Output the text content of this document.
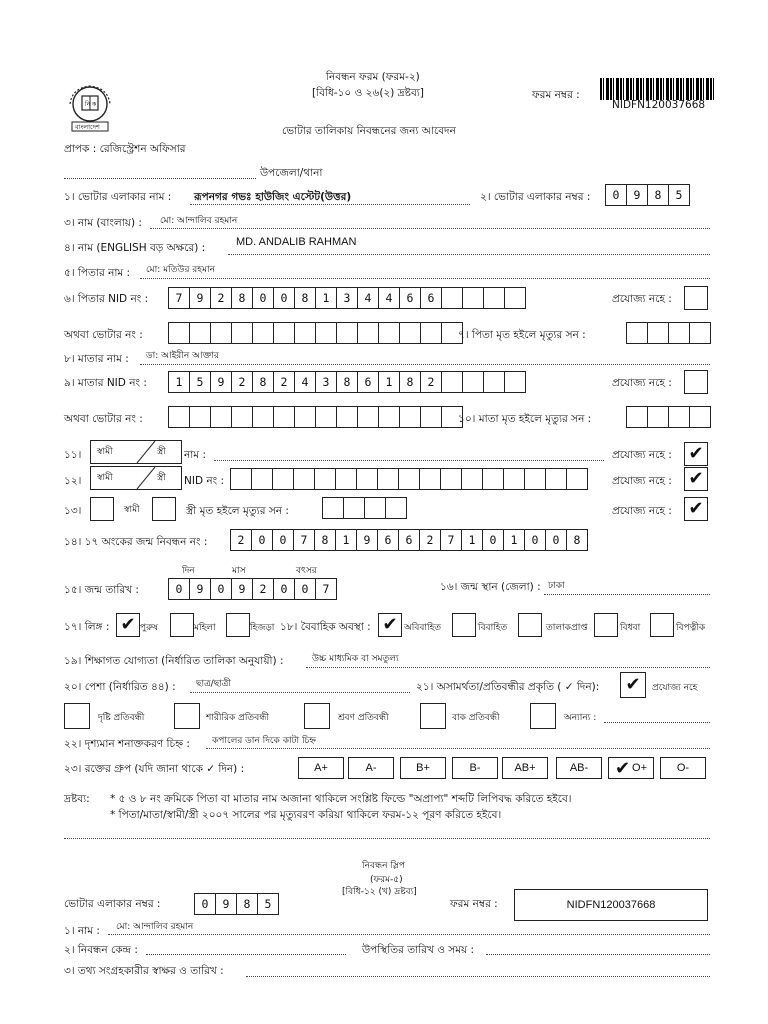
নি ক
বাংলাদেশ
নিবন্ধন ফরম (ফরম-২)
[বিধি-১০ ও ২৬(২) দ্রষ্টব্য]	ফরম নম্বর :
NIDFN120037668
ভোটার তালিকায় নিবন্ধনের জন্য আবেদন
প্রাপক : রেজিস্ট্রেশন অফিসার
উপজেলা/থানা
১। ভোটার এলাকার নাম : রূপনগর গভঃ হাউজিং এস্টেট(উত্তর)	২। ভোটার এলাকার নম্বর :	0	9	8	5
৩। নাম (বাংলায়) : মো: আন্দালিব রহমান
৪। নাম (ENGLISH বড় অক্ষরে) :	MD. ANDALIB RAHMAN
৫। পিতার নাম : মো: মতিউর রহমান
৬। পিতার NID নং :	7	9	2	8	0	0	8	1	3	4	4	6	6	প্রযোজ্য নহে :
অথবা ভোটার নং :	৭। পিতা মৃত হইলে মৃত্যুর সন :
৮। মাতার নাম : ডা: আইরীন আক্তার
৯। মাতার NID নং :	1	5	9	2	8	2	4	3	8	6	1	8	2	প্রযোজ্য নহে :
অথবা ভোটার নং :	১০। মাতা মৃত হইলে মৃত্যুর সন :
১১। স্বামী	স্ত্রী নাম :	প্রযোজ্য নহে : ✔
১২। স্বামী	স্ত্রী NID নং :	প্রযোজ্য নহে : ✔
১৩।	স্বামী	স্ত্রী মৃত হইলে মৃত্যুর সন :	প্রযোজ্য নহে : ✔
১৪। ১৭ অংকের জন্ম নিবন্ধন নং :	2	0	0	7	8	1	9	6	6	2	7	1	0	1	0	0	8
দিন	মাস	বৎসর
১৫। জন্ম তারিখ :	0	9	0	9	2	0	0	7	১৬। জন্ম স্থান (জেলা) : ঢাকা
১৭। লিঙ্গ : ✔ পুরুষ	মহিলা	হিজড়া ১৮। বৈবাহিক অবস্থা : ✔ অবিবাহিত	বিবাহিত	তালাকপ্রাপ্ত	বিধবা	বিপত্নীক
১৯। শিক্ষাগত যোগ্যতা (নির্ধারিত তালিকা অনুযায়ী) :	উচ্চ মাধ্যমিক বা সমতুল্য
২০। পেশা (নির্ধারিত ৪৪) : ছাত্র/ছাত্রী	২১। অসামর্থতা/প্রতিবন্ধীর প্রকৃতি ( ✓ দিন): ✔ প্রযোজ্য নহে
দৃষ্টি প্রতিবন্ধী	শারীরিক প্রতিবন্ধী	শ্রবণ প্রতিবন্ধী	বাক প্রতিবন্ধী	অন্যান্য :
২২। দৃশ্যমান শনাক্তকরণ চিহ্ন : কপালের ডান দিকে কাটা চিহ্ন
২৩। রক্তের গ্রুপ (যদি জানা থাকে ✓ দিন) :	A+	A-	B+	B-	AB+	AB- ✔ O+	O-
দ্রষ্টব্য: * ৫ ও ৮ নং ক্রমিকে পিতা বা মাতার নাম অজানা থাকিলে সংশ্লিষ্ট ফিল্ডে "অপ্রাপ্য" শব্দটি লিপিবদ্ধ করিতে হইবে।
* পিতা/মাতা/স্বামী/স্ত্রী ২০০৭ সালের পর মৃত্যুবরণ করিয়া থাকিলে ফরম-১২ পূরণ করিতে হইবে।
নিবন্ধন স্লিপ
(ফরম-৫)
[বিধি-১২ (খ) দ্রষ্টব্য]
ভোটার এলাকার নম্বর :	0	9	8	5	ফরম নম্বর :	NIDFN120037668
১। নাম : মো: আন্দালিব রহমান
২। নিবন্ধন কেন্দ্র :	উপস্থিতির তারিখ ও সময় :
৩। তথ্য সংগ্রহকারীর স্বাক্ষর ও তারিখ :
